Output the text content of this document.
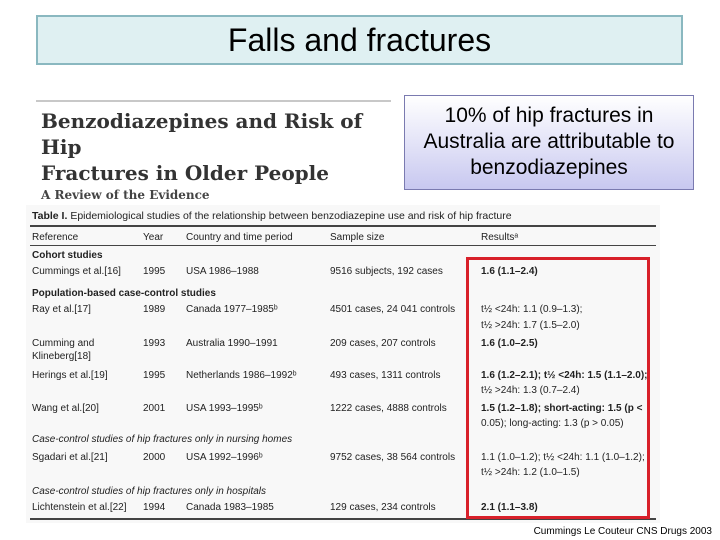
Falls and fractures
Benzodiazepines and Risk of Hip
Fractures in Older People
A Review of the Evidence
10% of hip fractures in Australia are attributable to benzodiazepines
Table I. Epidemiological studies of the relationship between benzodiazepine use and risk of hip fracture
Reference	Year Country and time period	Sample size	Resultsᵃ
Cohort studies
Cummings et al.[16] 1995 USA 1986–1988	9516 subjects, 192 cases	1.6 (1.1–2.4)
Population-based case-control studies
Ray et al.[17]	1989 Canada 1977–1985ᵇ	4501 cases, 24 041 controls	t½ <24h: 1.1 (0.9–1.3);
t½ >24h: 1.7 (1.5–2.0)
Cumming and	1993 Australia 1990–1991	209 cases, 207 controls	1.6 (1.0–2.5)
Klineberg[18]
Herings et al.[19]	1995 Netherlands 1986–1992ᵇ	493 cases, 1311 controls	1.6 (1.2–2.1); t½ <24h: 1.5 (1.1–2.0);
t½ >24h: 1.3 (0.7–2.4)
Wang et al.[20]	2001 USA 1993–1995ᵇ	1222 cases, 4888 controls	1.5 (1.2–1.8); short-acting: 1.5 (p <
0.05); long-acting: 1.3 (p > 0.05)
Case-control studies of hip fractures only in nursing homes
Sgadari et al.[21]	2000 USA 1992–1996ᵇ	9752 cases, 38 564 controls	1.1 (1.0–1.2); t½ <24h: 1.1 (1.0–1.2);
t½ >24h: 1.2 (1.0–1.5)
Case-control studies of hip fractures only in hospitals
Lichtenstein et al.[22] 1994 Canada 1983–1985	129 cases, 234 controls	2.1 (1.1–3.8)
Cummings Le Couteur CNS Drugs 2003
